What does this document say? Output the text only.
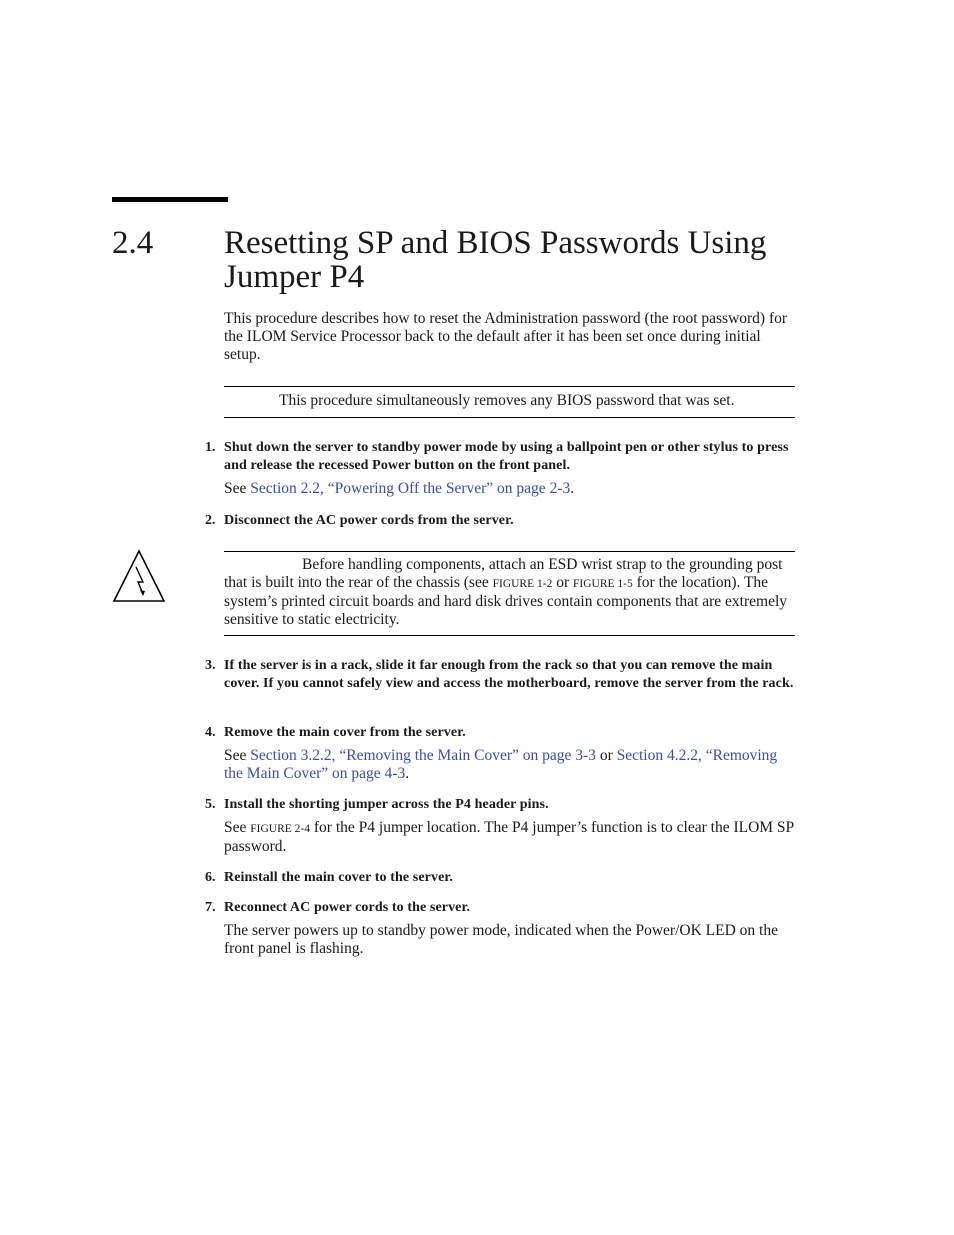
2.4 Resetting SP and BIOS Passwords Using Jumper P4
This procedure describes how to reset the Administration password (the root password) for the ILOM Service Processor back to the default after it has been set once during initial setup.
This procedure simultaneously removes any BIOS password that was set.
1. Shut down the server to standby power mode by using a ballpoint pen or other stylus to press and release the recessed Power button on the front panel.
See Section 2.2, “Powering Off the Server” on page 2-3.
2. Disconnect the AC power cords from the server.
Before handling components, attach an ESD wrist strap to the grounding post that is built into the rear of the chassis (see FIGURE 1-2 or FIGURE 1-5 for the location). The system’s printed circuit boards and hard disk drives contain components that are extremely sensitive to static electricity.
3. If the server is in a rack, slide it far enough from the rack so that you can remove the main cover. If you cannot safely view and access the motherboard, remove the server from the rack.
4. Remove the main cover from the server.
See Section 3.2.2, “Removing the Main Cover” on page 3-3 or Section 4.2.2, “Removing the Main Cover” on page 4-3.
5. Install the shorting jumper across the P4 header pins.
See FIGURE 2-4 for the P4 jumper location. The P4 jumper’s function is to clear the ILOM SP password.
6. Reinstall the main cover to the server.
7. Reconnect AC power cords to the server.
The server powers up to standby power mode, indicated when the Power/OK LED on the front panel is flashing.
